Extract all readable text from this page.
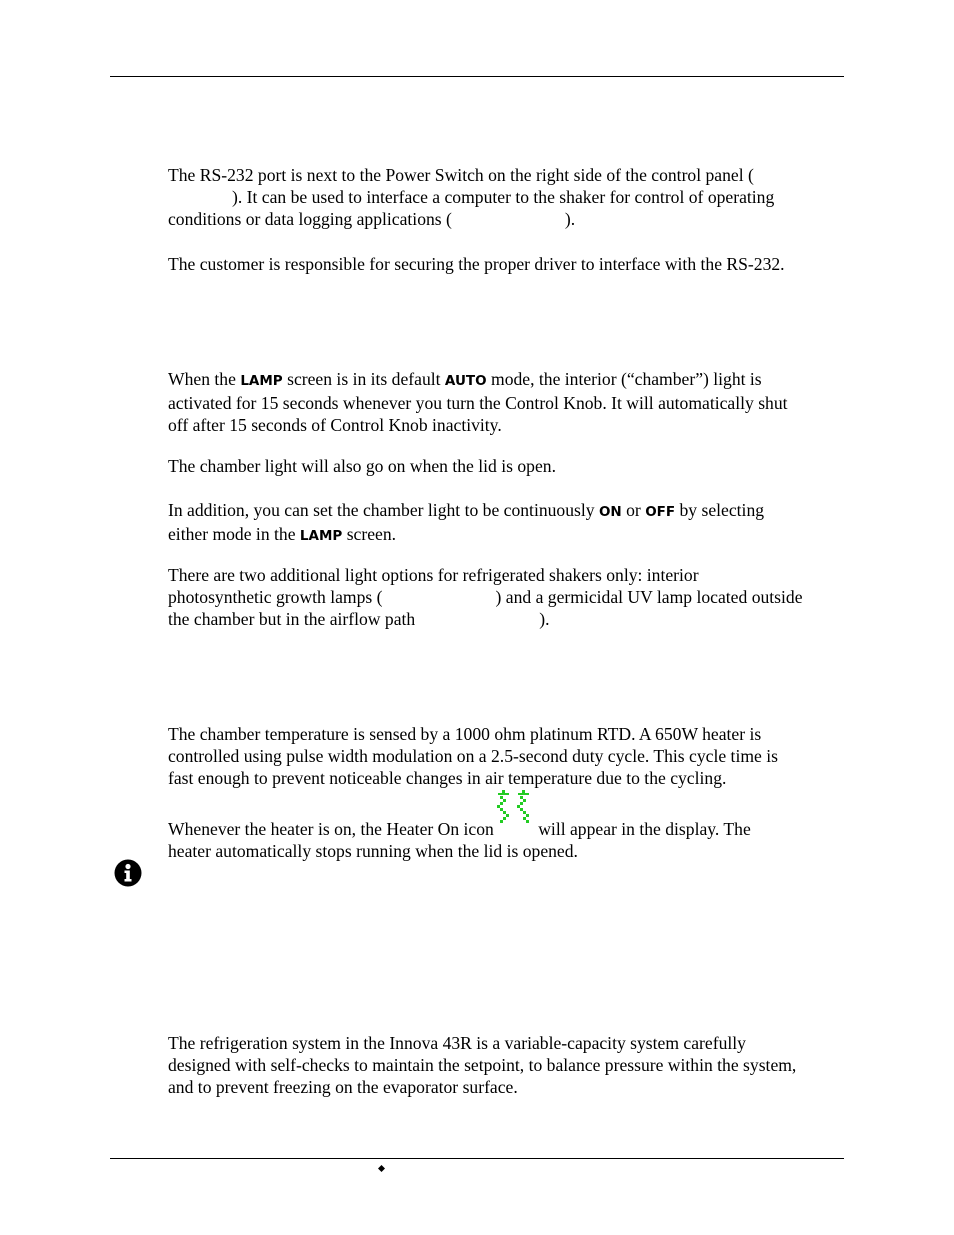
The RS-232 port is next to the Power Switch on the right side of the control panel (
). It can be used to interface a computer to the shaker for control of operating
conditions or data logging applications (	).

The customer is responsible for securing the proper driver to interface with the RS-232.

When the LAMP screen is in its default AUTO mode, the interior (“chamber”) light is
activated for 15 seconds whenever you turn the Control Knob. It will automatically shut
off after 15 seconds of Control Knob inactivity.

The chamber light will also go on when the lid is open.

In addition, you can set the chamber light to be continuously ON or OFF by selecting
either mode in the LAMP screen.

There are two additional light options for refrigerated shakers only: interior
photosynthetic growth lamps (	) and a germicidal UV lamp located outside
the chamber but in the airflow path	).

The chamber temperature is sensed by a 1000 ohm platinum RTD. A 650W heater is
controlled using pulse width modulation on a 2.5-second duty cycle. This cycle time is
fast enough to prevent noticeable changes in air temperature due to the cycling.

Whenever the heater is on, the Heater On icon
will appear in the display. The
heater automatically stops running when the lid is opened.

The refrigeration system in the Innova 43R is a variable-capacity system carefully
designed with self-checks to maintain the setpoint, to balance pressure within the system,
and to prevent freezing on the evaporator surface.
